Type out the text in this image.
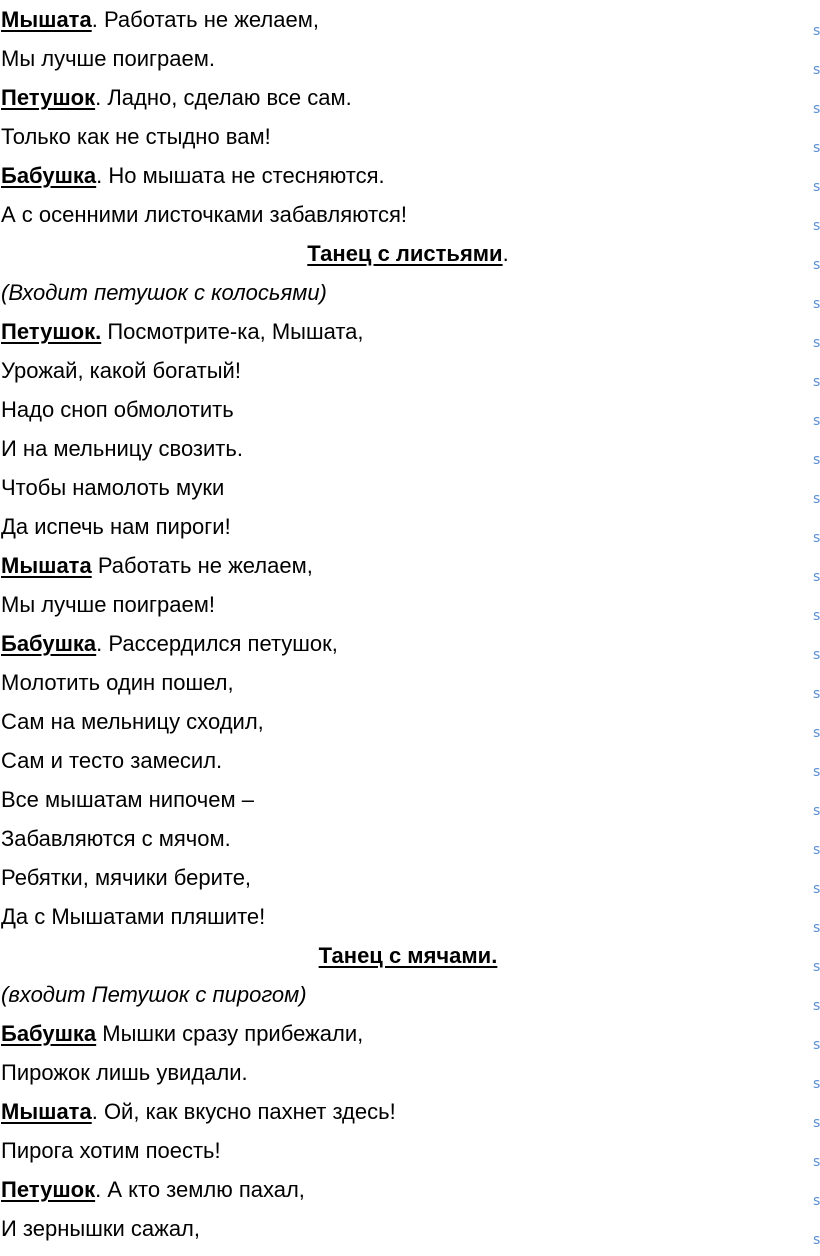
Мышата. Работать не желаем,
Мы лучше поиграем.
Петушок. Ладно, сделаю все сам.
Только как не стыдно вам!
Бабушка. Но мышата не стесняются.
А с осенними листочками забавляются!
Танец с листьями.
(Входит петушок с колосьями)
Петушок. Посмотрите-ка, Мышата,
Урожай, какой богатый!
Надо сноп обмолотить
И на мельницу свозить.
Чтобы намолоть муки
Да испечь нам пироги!
Мышата Работать не желаем,
Мы лучше поиграем!
Бабушка. Рассердился петушок,
Молотить один пошел,
Сам на мельницу сходил,
Сам и тесто замесил.
Все мышатам нипочем –
Забавляются с мячом.
Ребятки, мячики берите,
Да с Мышатами пляшите!
Танец с мячами.
(входит Петушок с пирогом)
Бабушка Мышки сразу прибежали,
Пирожок лишь увидали.
Мышата. Ой, как вкусно пахнет здесь!
Пирога хотим поесть!
Петушок. А кто землю пахал,
И зернышки сажал,
s
s
s
s
s
s
s
s
s
s
s
s
s
s
s
s
s
s
s
s
s
s
s
s
s
s
s
s
s
s
s
s
